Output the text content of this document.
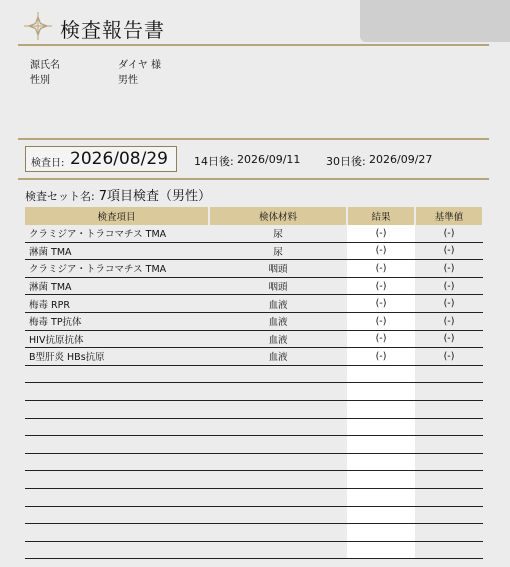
検査報告書
源氏名	ダイヤ 様
性別	男性
検査日: 2026/08/29 14日後: 2026/09/11 30日後: 2026/09/27
検査セット名: 7項目検査（男性）
検査項目	検体材料	結果	基準値
クラミジア・トラコマチス TMA	尿	(-)	(-)
淋菌 TMA	尿	(-)	(-)
クラミジア・トラコマチス TMA	咽頭	(-)	(-)
淋菌 TMA	咽頭	(-)	(-)
梅毒 RPR	血液	(-)	(-)
梅毒 TP抗体	血液	(-)	(-)
HIV抗原抗体	血液	(-)	(-)
B型肝炎 HBs抗原	血液	(-)	(-)
